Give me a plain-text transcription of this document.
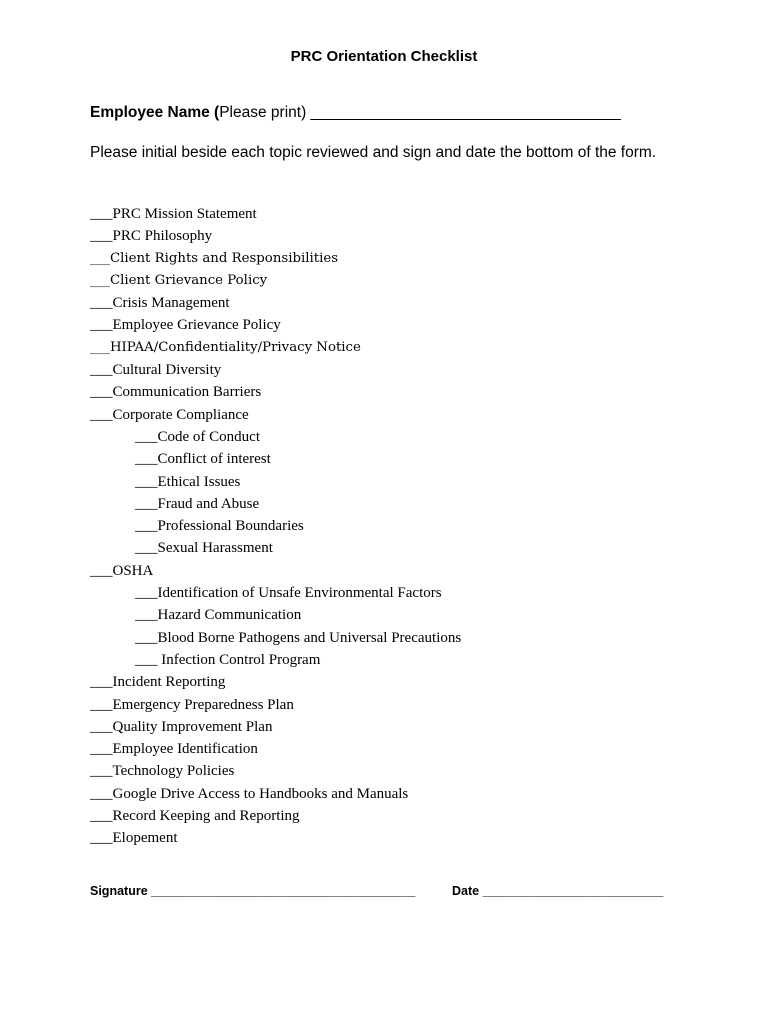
PRC Orientation Checklist
Employee Name (Please print) ____________________________________
Please initial beside each topic reviewed and sign and date the bottom of the form.
___PRC Mission Statement
___PRC Philosophy
___Client Rights and Responsibilities
___Client Grievance Policy
___Crisis Management
___Employee Grievance Policy
___HIPAA/Confidentiality/Privacy Notice
___Cultural Diversity
___Communication Barriers
___Corporate Compliance
___Code of Conduct
___Conflict of interest
___Ethical Issues
___Fraud and Abuse
___Professional Boundaries
___Sexual Harassment
___OSHA
___Identification of Unsafe Environmental Factors
___Hazard Communication
___Blood Borne Pathogens and Universal Precautions
___ Infection Control Program
___Incident Reporting
___Emergency Preparedness Plan
___Quality Improvement Plan
___Employee Identification
___Technology Policies
___Google Drive Access to Handbooks and Manuals
___Record Keeping and Reporting
___Elopement
Signature ______________________________________	Date __________________________
